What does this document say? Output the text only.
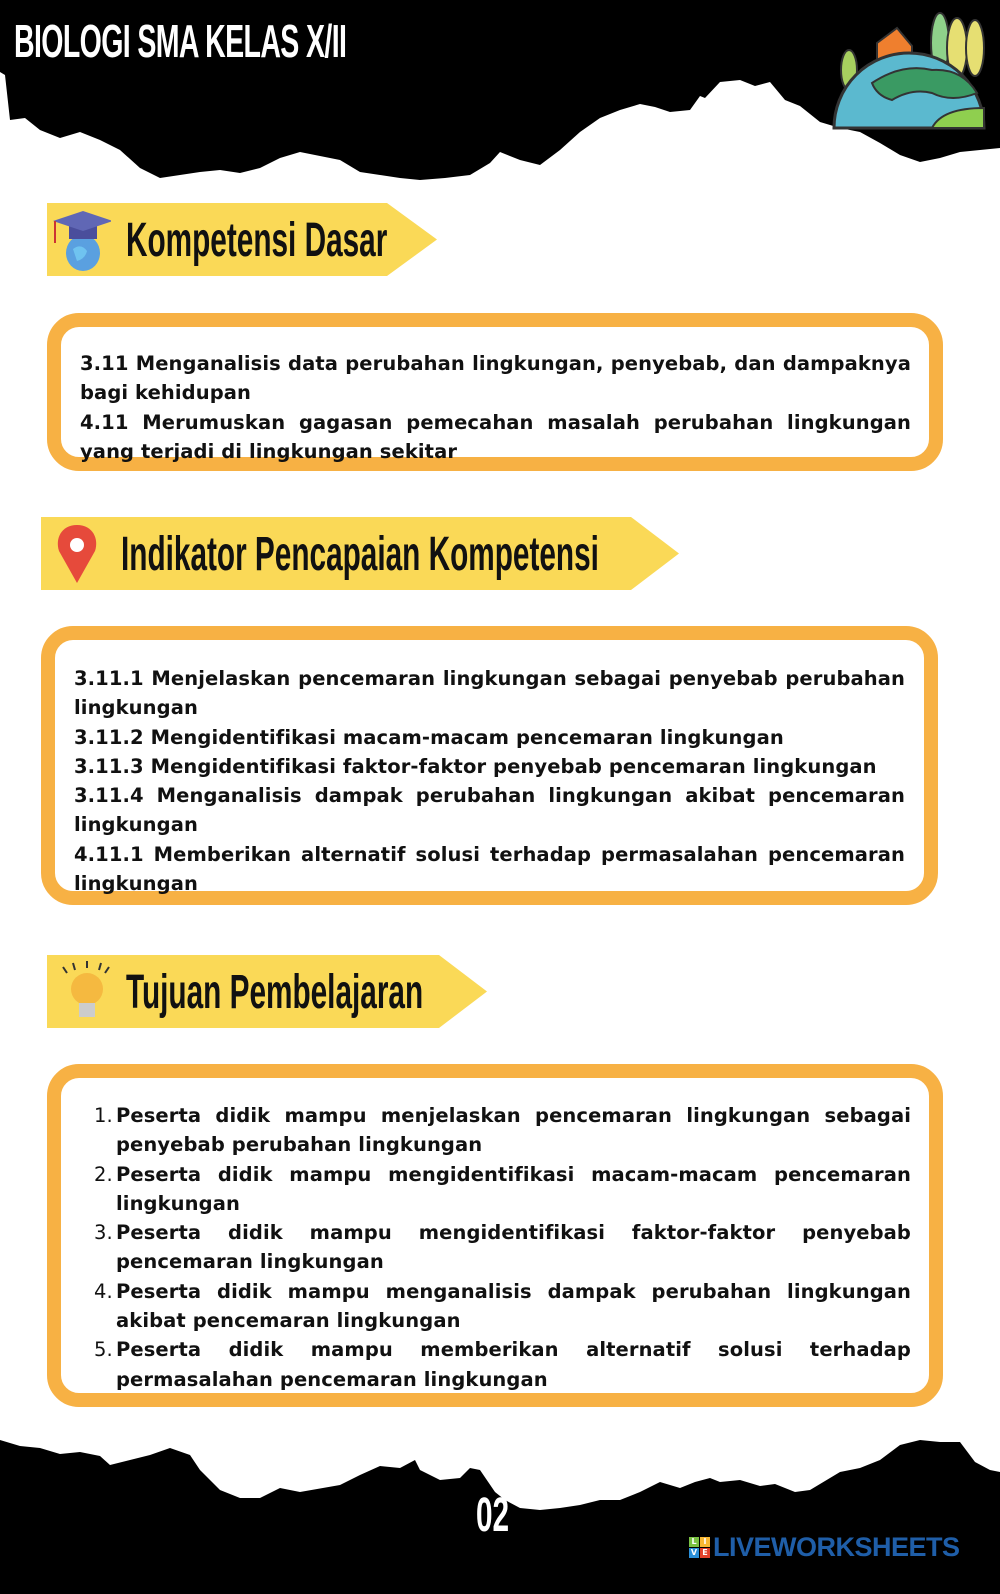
BIOLOGI SMA KELAS X/II
Kompetensi Dasar

3.11 Menganalisis data perubahan lingkungan, penyebab, dan dampaknya bagi kehidupan

4.11 Merumuskan gagasan pemecahan masalah perubahan lingkungan yang terjadi di lingkungan sekitar

Indikator Pencapaian Kompetensi

3.11.1 Menjelaskan pencemaran lingkungan sebagai penyebab perubahan lingkungan

3.11.2 Mengidentifikasi macam-macam pencemaran lingkungan

3.11.3 Mengidentifikasi faktor-faktor penyebab pencemaran lingkungan

3.11.4 Menganalisis dampak perubahan lingkungan akibat pencemaran lingkungan

4.11.1 Memberikan alternatif solusi terhadap permasalahan pencemaran lingkungan

Tujuan Pembelajaran
1. Peserta didik mampu menjelaskan pencemaran lingkungan sebagai penyebab perubahan lingkungan
2. Peserta didik mampu mengidentifikasi macam-macam pencemaran lingkungan
3. Peserta didik mampu mengidentifikasi faktor-faktor penyebab pencemaran lingkungan
4. Peserta didik mampu menganalisis dampak perubahan lingkungan akibat pencemaran lingkungan
5. Peserta didik mampu memberikan alternatif solusi terhadap permasalahan pencemaran lingkungan
02	L I
V E LIVEWORKSHEETS
